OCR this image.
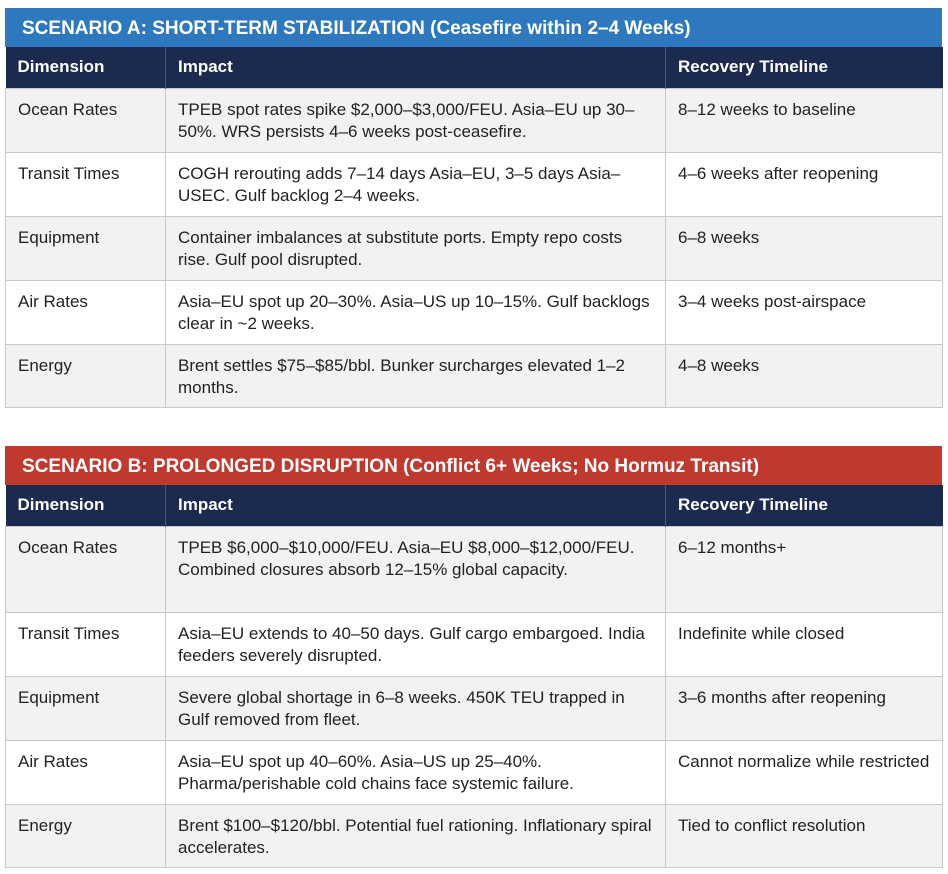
SCENARIO A: SHORT-TERM STABILIZATION (Ceasefire within 2–4 Weeks)
Dimension	Impact	Recovery Timeline
Ocean Rates	TPEB spot rates spike $2,000–$3,000/FEU. Asia–EU up 30–50%. WRS persists 4–6 weeks post-ceasefire.	8–12 weeks to baseline
Transit Times	COGH rerouting adds 7–14 days Asia–EU, 3–5 days Asia–USEC. Gulf backlog 2–4 weeks.	4–6 weeks after reopening
Equipment	Container imbalances at substitute ports. Empty repo costs rise. Gulf pool disrupted.	6–8 weeks
Air Rates	Asia–EU spot up 20–30%. Asia–US up 10–15%. Gulf backlogs clear in ~2 weeks.	3–4 weeks post-airspace
Energy	Brent settles $75–$85/bbl. Bunker surcharges elevated 1–2 months.	4–8 weeks
SCENARIO B: PROLONGED DISRUPTION (Conflict 6+ Weeks; No Hormuz Transit)
Dimension	Impact	Recovery Timeline
Ocean Rates	TPEB $6,000–$10,000/FEU. Asia–EU $8,000–$12,000/FEU. Combined closures absorb 12–15% global capacity.	6–12 months+
Transit Times	Asia–EU extends to 40–50 days. Gulf cargo embargoed. India feeders severely disrupted.	Indefinite while closed
Equipment	Severe global shortage in 6–8 weeks. 450K TEU trapped in Gulf removed from fleet.	3–6 months after reopening
Air Rates	Asia–EU spot up 40–60%. Asia–US up 25–40%. Pharma/perishable cold chains face systemic failure.	Cannot normalize while restricted
Energy	Brent $100–$120/bbl. Potential fuel rationing. Inflationary spiral accelerates.	Tied to conflict resolution
